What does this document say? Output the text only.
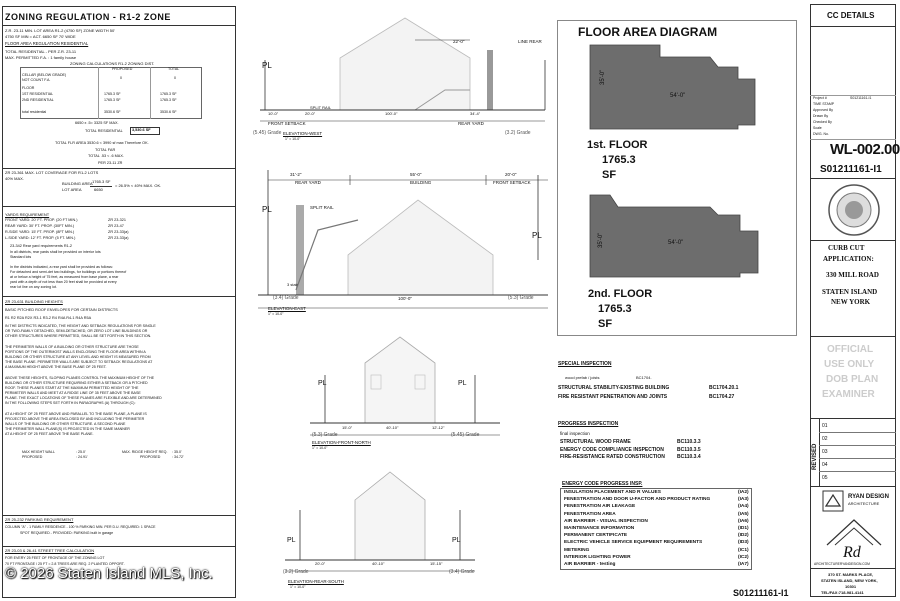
ZONING REGULATION - R1-2 ZONE
Z.R. 23-11 MIN. LOT AREA R1-2 (4750 SF) ZONE WIDTH 50'
4750 SF MIN = ACT. 6650 SF 70' WIDE
FLOOR AREA REGULATION RESIDENTIAL
TOTAL RESIDENTIAL - PER Z.R. 23-11
MAX. PERMITTED F.A. : 1 family house
ZONING CALCULATIONS R1-2 ZONING DIST.
PROPOSED	TOTAL
CELLAR (BELOW GRADE)
NOT COUNT F.A.	0	0
FLOOR
1ST RESIDENTIAL	1765.3 SF	1765.3 SF
2ND RESIDENTIAL	1765.3 SF	1765.3 SF
total residential	3530.6 SF	3530.6 SF
6650 x .5= 3325 SF MAX.
TOTAL RESIDENTIAL 3,530.6 SF
TOTAL FLR AREA 3530.6 < 3990 sf max Therefore OK.
TOTAL FAR
TOTAL .53 < .6 MAX.
PER 23-11 ZR
ZR 23-361 MAX. LOT COVERAGE FOR R1-2 LOTS
40% MAX.
BUILDING AREA 1765.3 SF
LOT AREA	6650
= 26.5% < 40% MAX. OK.
YARDS REQUIREMENT
FRONT YARD: 20' FT. PROP. (20 FT MIN.)	ZR 23-321
REAR YARD: 30' FT. PROP. (30FT MIN.)	ZR 23-47
R-SIDE YARD: 15' FT. PROP. (8FT MIN.)	ZR 23-33(a)
L-SIDE YARD: 12' FT. PROP. (5 FT. MIN.)	ZR 23-33(a)
23-342 Rear yard requirements R1-2
In all districts, rear yards shall be provided on interior lots
Standard lots
In the districts indicated, a rear yard shall be provided as follows:
For detached and semi-det two buildings, for buildings or portions thereof
at or below a height of 75 feet, as measured from base plane, a rear
yard with a depth of not less than 20 feet shall be provided at every
rear lot line on any zoning lot.
ZR 23-631 BUILDING HEIGHTS
BASIC PITCHED ROOF ENVELOPES FOR CERTAIN DISTRICTS
R1 R2 R2A R2X R3-1 R3-2 R4 R4A R4-1 R4A R5A
IN THE DISTRICTS INDICATED, THE HEIGHT AND SETBACK REGULATIONS FOR SINGLE
OR TWO-FAMILY DETACHED, SEMI-DETACHED, OR ZERO LOT LINE BUILDINGS OR
OTHER STRUCTURES WHERE PERMITTED, SHALL BE SET FORTH IN THIS SECTION.
THE PERIMETER WALLS OF A BUILDING OR OTHER STRUCTURE ARE THOSE
PORTIONS OF THE OUTERMOST WALLS ENCLOSING THE FLOOR AREA WITHIN A
BUILDING OR OTHER STRUCTURE AT ANY LEVEL AND HEIGHT IS MEASURED FROM
THE BASE PLANE. PERIMETER WALLS ARE SUBJECT TO SETBACK REGULATIONS AT
A MAXIMUM HEIGHT ABOVE THE BASE PLANE OF 25 FEET.
ABOVE THESE HEIGHTS, SLOPING PLANES CONTROL THE MAXIMUM HEIGHT OF THE
BUILDING OR OTHER STRUCTURE REQUIRING EITHER A SETBACK OR A PITCHED
ROOF. THESE PLANES START AT THE MAXIMUM PERMITTED HEIGHT OF THE
PERIMETER WALLS AND MEET AT A RIDGE LINE OF 35 FEET ABOVE THE BASE
PLANE. THE EXACT LOCATIONS OF THESE PLANES ARE FLEXIBLE AND ARE DETERMINED
IN THE FOLLOWING STEPS SET FORTH IN PARAGRAPHS (A) THROUGH (C):
AT A HEIGHT OF 25 FEET ABOVE AND PARALLEL TO THE BASE PLANE, A PLANE IS
PROJECTED ABOVE THE AREA ENCLOSED BY AND INCLUDING THE PERIMETER
WALLS OF THE BUILDING OR OTHER STRUCTURE. A SECOND PLANE
THE PERIMETER WALL PLANE(S) IS PROJECTED IN THE SAME MANNER
AT A HEIGHT OF 25 FEET ABOVE THE BASE PLANE.
MAX HEIGHT WALL	: 25.0'
PROPOSED	: 24.91'
MAX. RIDGE HEIGHT REQ. : 35.0'
PROPOSED	: 34.72'
ZR 25-232 PARKING REQUIREMENT
COLUMN "A" - 1 FAMILY RESIDENCE - 100 % PARKING MIN. PER D.U. REQUIRED: 1 SPACE
SPOT REQUIRED - PROVIDED: PARKING built in garage
ZR 23-03 & 26-41 STREET TREE CALCULATION
FOR EVERY 25 FEET OF FRONTAGE OF THE ZONING LOT
70 FT FRONTAGE / 25 FT = 2.8 TREES ARE REQ. 2 PLANTED OPPORT.
22'-0"	LINE REAR
PL
SPLIT RAIL
10'-0"	20'-0"	100'-0"	34'-4"
FRONT SETBACK	REAR YARD
(5.45) Grade	(3.2) Grade
ELEVATION-WEST
1" = 10-0"
31'-2"	55'-0"	20'-0"
REAR YARD	BUILDING	FRONT SETBACK
SPLIT RAIL
PL
PL
3 stair
(3.4) Grade	100'-0"	(5.3) Grade
ELEVATION-EAST
1" = 10-0"
PL	PL
15'-0"	40'-10"	12'-12"
(5.3) Grade	(5.45) Grade
ELEVATION-FRONT-NORTH
1" = 10-0"
PL	PL
20'-0"	40'-10"	15'-15"
(3.2) Grade	(3.4) Grade
ELEVATION-REAR-SOUTH
1" = 10-0"
FLOOR AREA DIAGRAM
54'-0"
35'-0"
1st. FLOOR
1765.3
SF
54'-0"
35'-0"
2nd. FLOOR
1765.3
SF
SPECIAL INSPECTION
wood prefab / joists	BC1704.
STRUCTURAL STABILITY-EXISTING BUILDING	BC1704.20.1
FIRE RESISTANT PENETRATION AND JOINTS	BC1704.27
PROGRESS INSPECTION
final inspection
STRUCTURAL WOOD FRAME	BC110.3.3
ENERGY CODE COMPLIANCE INSPECTION	BC110.3.5
FIRE-RESISTANCE RATED CONSTRUCTION BC110.3.4
ENERGY CODE PROGRESS INSP.
INSULATION PLACEMENT AND R VALUES	(IA2)
FENESTRATION AND DOOR U-FACTOR AND PRODUCT RATING	(IA3)
FENESTRATION AIR LEAKAGE	(IA4)
FENESTRATION AREA	(IA5)
AIR BARRIER - VISUAL INSPECTION	(IA6)
MAINTENANCE INFORMATION	(ID1)
PERMANENT CERTIFICATE	(ID2)
ELECTRIC VEHICLE SERVICE EQUIPMENT REQUIREMENTS	(ID3)
METERING	(IC1)
INTERIOR LIGHTING POWER	(IC2)
AIR BARRIER - testing	(IA7)
CC DETAILS
Project #	S01211161-I1
TIME STAMP
Approved By
Drawn By
Checked By
Scale
DWG. No.
WL-002.00
S01211161-I1
CURB CUT
APPLICATION:
330 MILL ROAD
STATEN ISLAND
NEW YORK
OFFICIAL
USE ONLY
DOB PLAN
EXAMINER
REVISED
01
02
03
04
05
RYAN DESIGN
ARCHITECTURE
Rd
ARCHITECTURERYANDESIGN.COM
370 ST. MARKS PLACE,
STATEN ISLAND, NEW YORK,
10301
TEL/FAX:718-981-4141
© 2026 Staten Island MLS, Inc.
S01211161-I1
